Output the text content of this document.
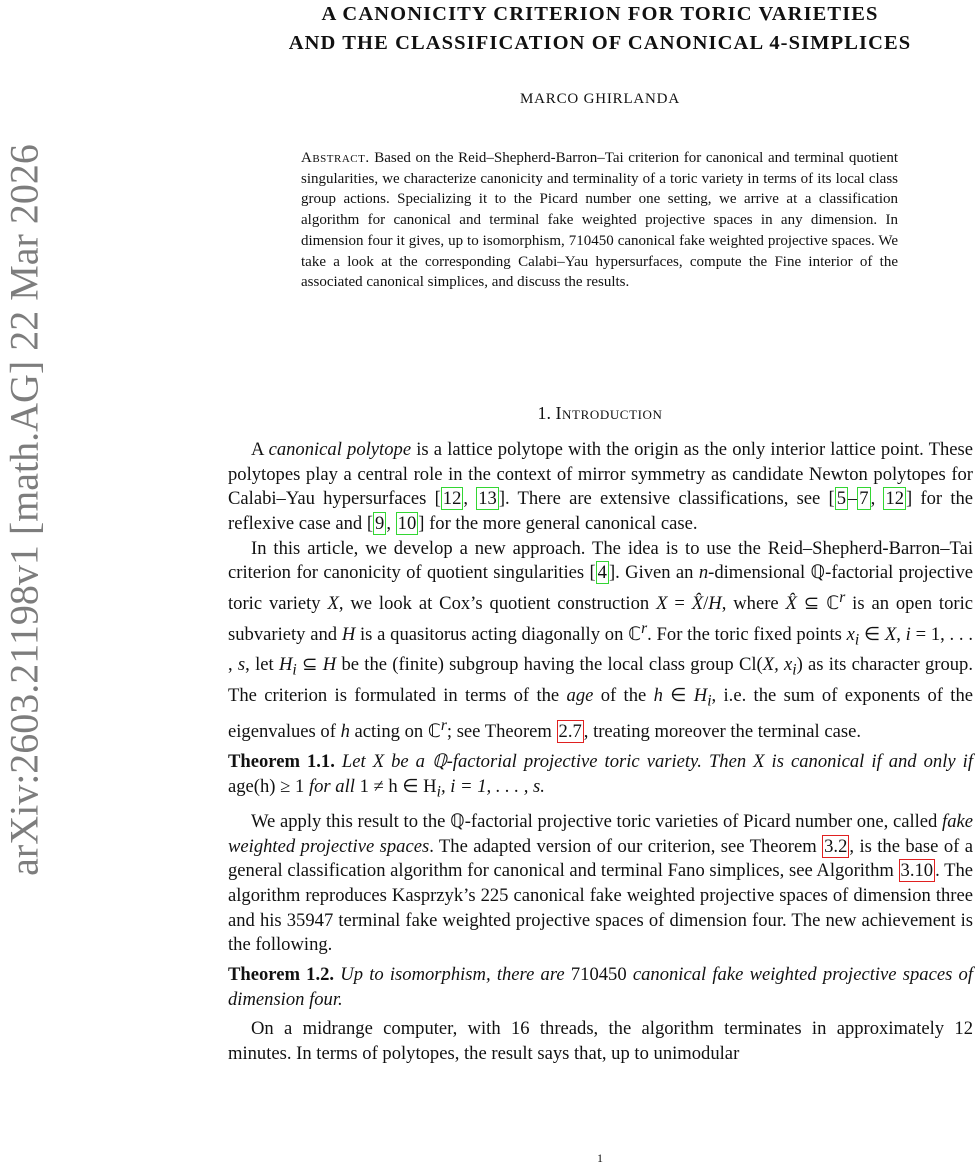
arXiv:2603.21198v1 [math.AG] 22 Mar 2026
A CANONICITY CRITERION FOR TORIC VARIETIES
AND THE CLASSIFICATION OF CANONICAL 4-SIMPLICES
MARCO GHIRLANDA
Abstract. Based on the Reid–Shepherd-Barron–Tai criterion for canonical and terminal quotient singularities, we characterize canonicity and terminality of a toric variety in terms of its local class group actions. Specializing it to the Picard number one setting, we arrive at a classification algorithm for canonical and terminal fake weighted projective spaces in any dimension. In dimension four it gives, up to isomorphism, 710450 canonical fake weighted projective spaces. We take a look at the corresponding Calabi–Yau hypersurfaces, compute the Fine interior of the associated canonical simplices, and discuss the results.
1. Introduction

A canonical polytope is a lattice polytope with the origin as the only interior lattice point. These polytopes play a central role in the context of mirror symmetry as candidate Newton polytopes for Calabi–Yau hypersurfaces [ 12 , 13 ]. There are extensive classifications, see [ 5 – 7 , 12 ] for the reflexive case and [ 9 , 10 ] for the more general canonical case.

In this article, we develop a new approach. The idea is to use the Reid–Shepherd-Barron–Tai criterion for canonicity of quotient singularities [ 4 ]. Given an n-dimensional ℚ-factorial projective toric variety X, we look at Cox’s quotient construction X = X̂/H, where X̂ ⊆ ℂ$^r$ is an open toric subvariety and H is a quasitorus acting diagonally on ℂ$^r$. For the toric fixed points $x_i$ ∈ X, i = 1, . . . , s, let $H_i$ ⊆ H be the (finite) subgroup having the local class group Cl(X, $x_i$) as its character group. The criterion is formulated in terms of the age of the h ∈ $H_i$, i.e. the sum of exponents of the eigenvalues of h acting on ℂ$^r$; see Theorem 2.7 , treating moreover the terminal case.

Theorem 1.1. Let X be a ℚ-factorial projective toric variety. Then X is canonical if and only if age(h) ≥ 1 for all 1 ≠ h ∈ $H_i$, i = 1, . . . , s.

We apply this result to the ℚ-factorial projective toric varieties of Picard number one, called fake weighted projective spaces. The adapted version of our criterion, see Theorem 3.2 , is the base of a general classification algorithm for canonical and terminal Fano simplices, see Algorithm 3.10 . The algorithm reproduces Kasprzyk’s 225 canonical fake weighted projective spaces of dimension three and his 35947 terminal fake weighted projective spaces of dimension four. The new achievement is the following.

Theorem 1.2. Up to isomorphism, there are 710450 canonical fake weighted projective spaces of dimension four.

On a midrange computer, with 16 threads, the algorithm terminates in approximately 12 minutes. In terms of polytopes, the result says that, up to unimodular

1
